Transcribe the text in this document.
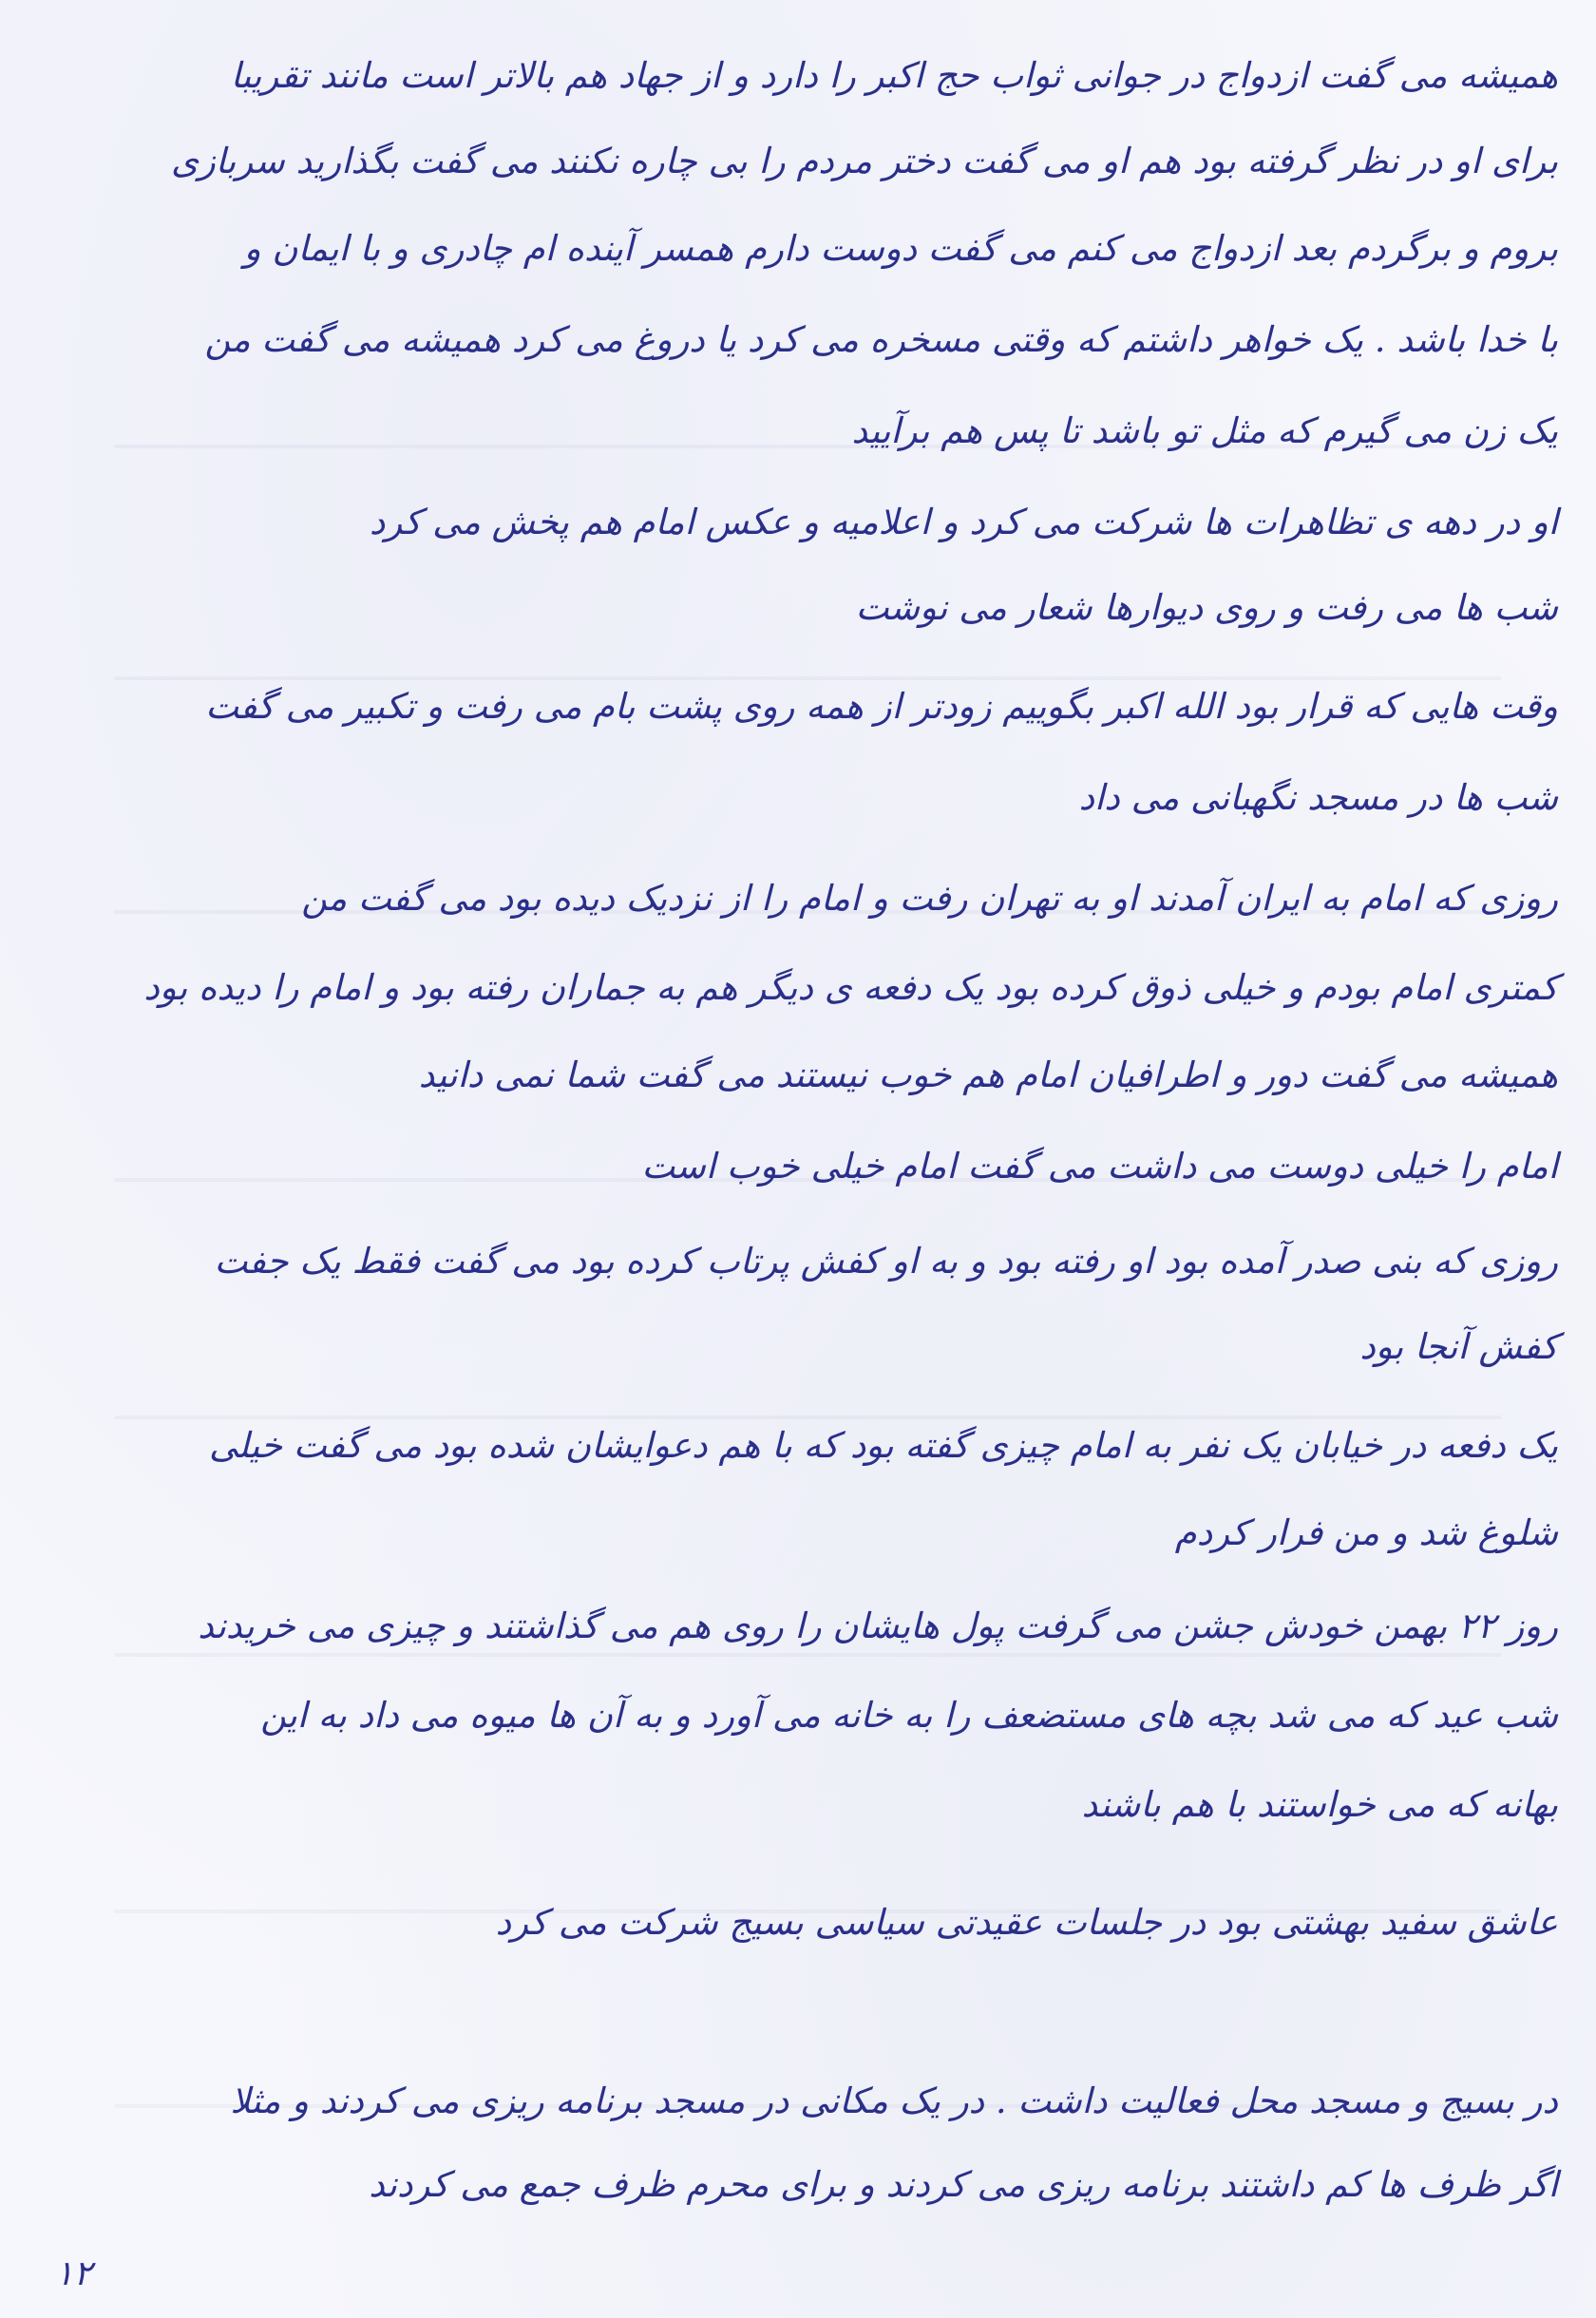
همیشه می گفت ازدواج در جوانی ثواب حج اکبر را دارد و از جهاد هم بالاتر است مانند تقریبا
برای او در نظر گرفته بود هم او می گفت دختر مردم را بی چاره نکنند می گفت بگذارید سربازی
بروم و برگردم بعد ازدواج می کنم می گفت دوست دارم همسر آینده ام چادری و با ایمان و
با خدا باشد . یک خواهر داشتم که وقتی مسخره می کرد یا دروغ می کرد همیشه می گفت من
یک زن می گیرم که مثل تو باشد تا پس هم برآیید
او در دهه ی تظاهرات ها شرکت می کرد و اعلامیه و عکس امام هم پخش می کرد
شب ها می رفت و روی دیوارها شعار می نوشت
وقت هایی که قرار بود الله اکبر بگوییم زودتر از همه روی پشت بام می رفت و تکبیر می گفت
شب ها در مسجد نگهبانی می داد
روزی که امام به ایران آمدند او به تهران رفت و امام را از نزدیک دیده بود می گفت من
کمتری امام بودم و خیلی ذوق کرده بود یک دفعه ی دیگر هم به جماران رفته بود و امام را دیده بود
همیشه می گفت دور و اطرافیان امام هم خوب نیستند می گفت شما نمی دانید
امام را خیلی دوست می داشت می گفت امام خیلی خوب است
روزی که بنی صدر آمده بود او رفته بود و به او کفش پرتاب کرده بود می گفت فقط یک جفت
کفش آنجا بود
یک دفعه در خیابان یک نفر به امام چیزی گفته بود که با هم دعوایشان شده بود می گفت خیلی
شلوغ شد و من فرار کردم
روز ۲۲ بهمن خودش جشن می گرفت پول هایشان را روی هم می گذاشتند و چیزی می خریدند
شب عید که می شد بچه های مستضعف را به خانه می آورد و به آن ها میوه می داد به این
بهانه که می خواستند با هم باشند
عاشق سفید بهشتی بود در جلسات عقیدتی سیاسی بسیج شرکت می کرد
در بسیج و مسجد محل فعالیت داشت . در یک مکانی در مسجد برنامه ریزی می کردند و مثلا
اگر ظرف ها کم داشتند برنامه ریزی می کردند و برای محرم ظرف جمع می کردند
۱۲
